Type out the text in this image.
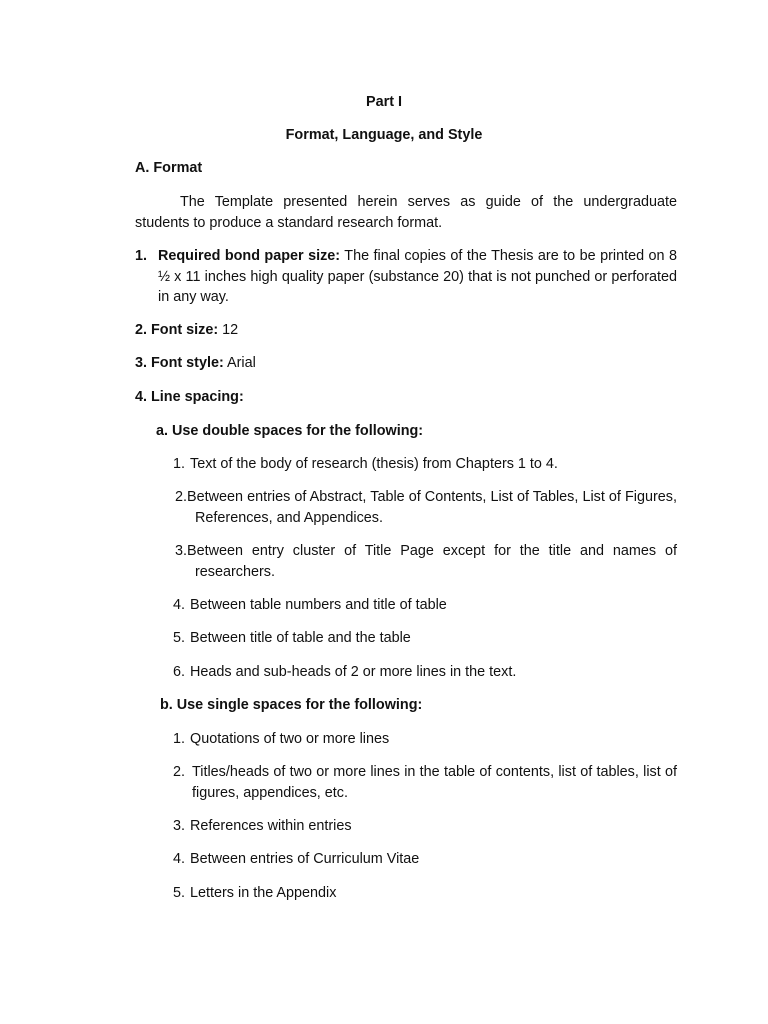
Part I

Format, Language, and Style

A. Format

The Template presented herein serves as guide of the undergraduate students to produce a standard research format.

1. Required bond paper size: The final copies of the Thesis are to be printed on 8 ½ x 11 inches high quality paper (substance 20) that is not punched or perforated in any way.

2. Font size: 12

3. Font style: Arial

4. Line spacing:

a. Use double spaces for the following:

1. Text of the body of research (thesis) from Chapters 1 to 4.
2. Between entries of Abstract, Table of Contents, List of Tables, List of Figures, References, and Appendices.
3. Between entry cluster of Title Page except for the title and names of researchers.
4. Between table numbers and title of table
5. Between title of table and the table
6. Heads and sub-heads of 2 or more lines in the text.

b. Use single spaces for the following:

1. Quotations of two or more lines
2. Titles/heads of two or more lines in the table of contents, list of tables, list of figures, appendices, etc.
3. References within entries
4. Between entries of Curriculum Vitae
5. Letters in the Appendix
